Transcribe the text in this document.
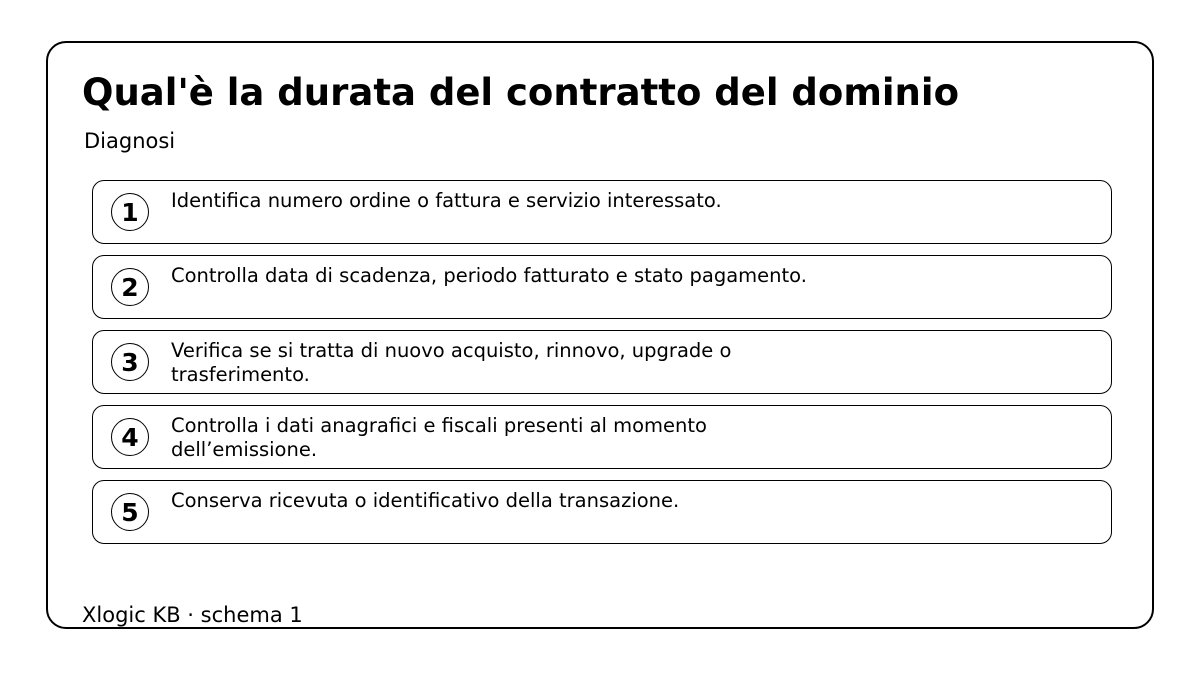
Qual'è la durata del contratto del dominio
Diagnosi
1	Identifica numero ordine o fattura e servizio interessato.
2	Controlla data di scadenza, periodo fatturato e stato pagamento.
3	Verifica se si tratta di nuovo acquisto, rinnovo, upgrade o trasferimento.
4	Controlla i dati anagrafici e fiscali presenti al momento dell’emissione.
5	Conserva ricevuta o identificativo della transazione.
Xlogic KB · schema 1
